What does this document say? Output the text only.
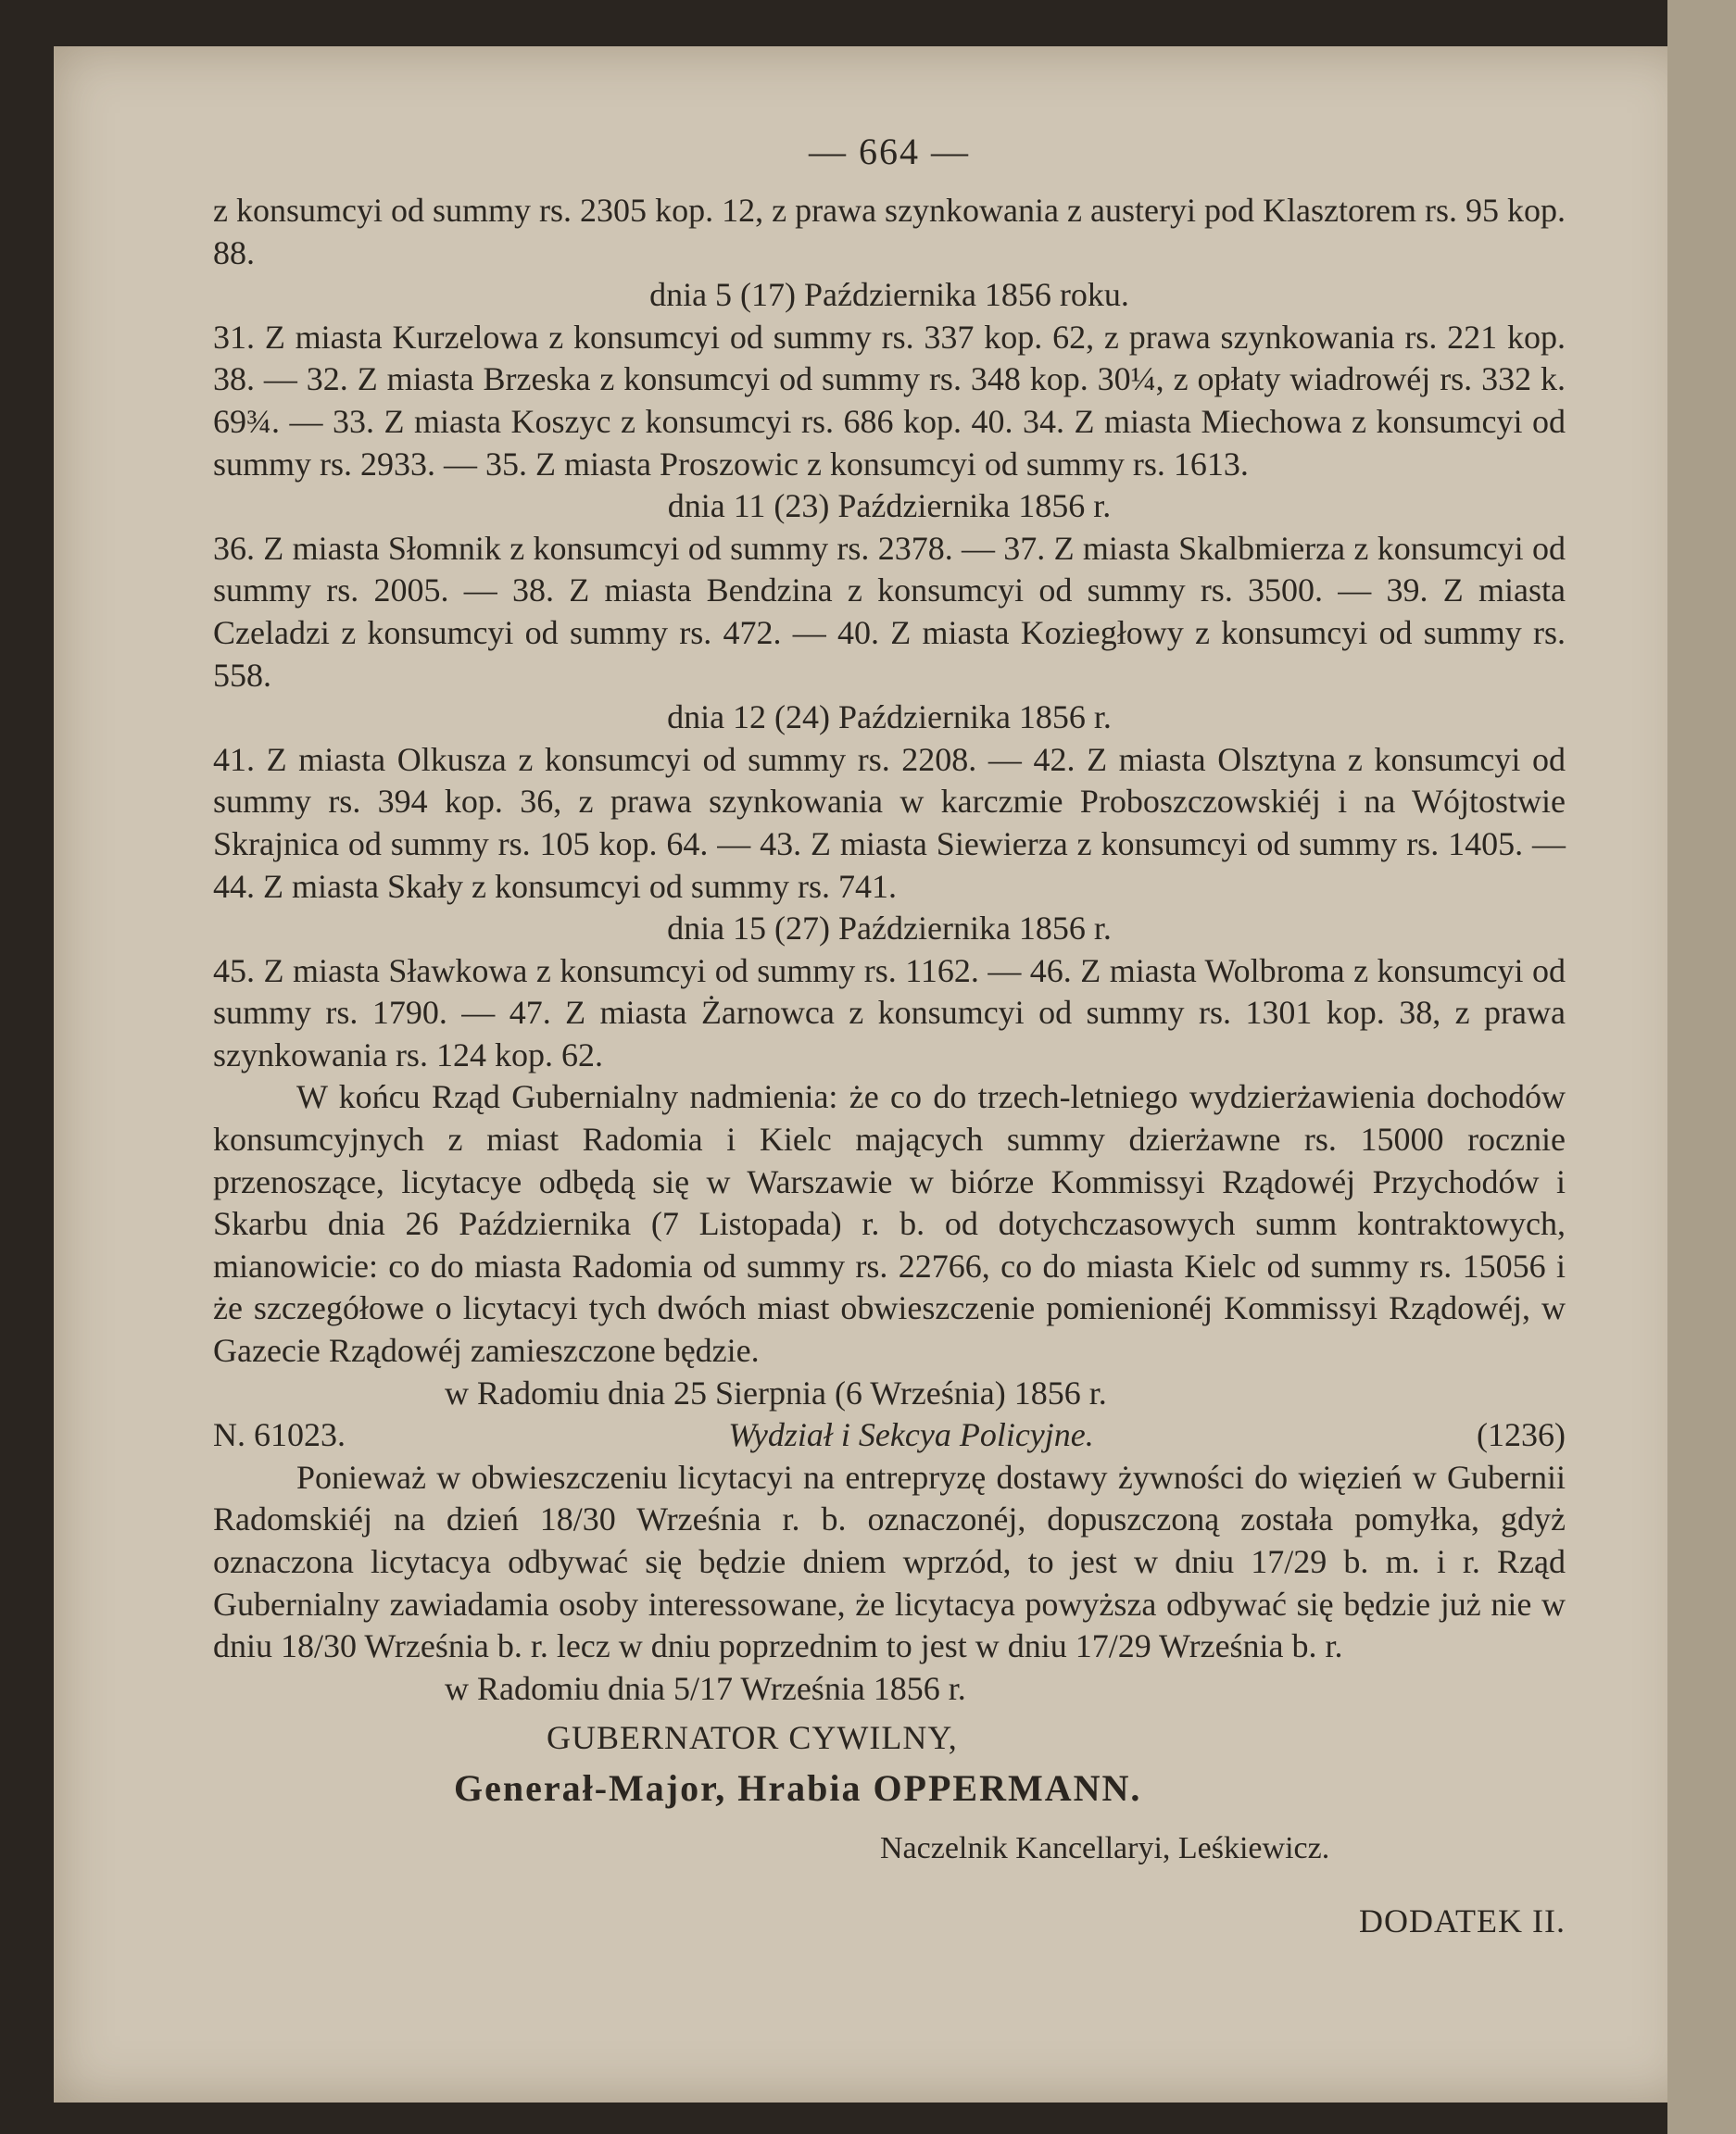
— 664 —

z konsumcyi od summy rs. 2305 kop. 12, z prawa szynkowania z austeryi pod Klasztorem rs. 95 kop. 88.

dnia 5 (17) Października 1856 roku.

31. Z miasta Kurzelowa z konsumcyi od summy rs. 337 kop. 62, z prawa szynkowania rs. 221 kop. 38. — 32. Z miasta Brzeska z konsumcyi od summy rs. 348 kop. 30¼, z opłaty wiadrowéj rs. 332 k. 69¾. — 33. Z miasta Koszyc z konsumcyi rs. 686 kop. 40. 34. Z miasta Miechowa z konsumcyi od summy rs. 2933. — 35. Z miasta Proszowic z konsumcyi od summy rs. 1613.

dnia 11 (23) Października 1856 r.

36. Z miasta Słomnik z konsumcyi od summy rs. 2378. — 37. Z miasta Skalbmierza z konsumcyi od summy rs. 2005. — 38. Z miasta Bendzina z konsumcyi od summy rs. 3500. — 39. Z miasta Czeladzi z konsumcyi od summy rs. 472. — 40. Z miasta Koziegłowy z konsumcyi od summy rs. 558.

dnia 12 (24) Października 1856 r.

41. Z miasta Olkusza z konsumcyi od summy rs. 2208. — 42. Z miasta Olsztyna z konsumcyi od summy rs. 394 kop. 36, z prawa szynkowania w karczmie Proboszczowskiéj i na Wójtostwie Skrajnica od summy rs. 105 kop. 64. — 43. Z miasta Siewierza z konsumcyi od summy rs. 1405. — 44. Z miasta Skały z konsumcyi od summy rs. 741.

dnia 15 (27) Października 1856 r.

45. Z miasta Sławkowa z konsumcyi od summy rs. 1162. — 46. Z miasta Wolbroma z konsumcyi od summy rs. 1790. — 47. Z miasta Żarnowca z konsumcyi od summy rs. 1301 kop. 38, z prawa szynkowania rs. 124 kop. 62.

W końcu Rząd Gubernialny nadmienia: że co do trzech-letniego wydzierżawienia dochodów konsumcyjnych z miast Radomia i Kielc mających summy dzierżawne rs. 15000 rocznie przenoszące, licytacye odbędą się w Warszawie w biórze Kommissyi Rządowéj Przychodów i Skarbu dnia 26 Października (7 Listopada) r. b. od dotychczasowych summ kontraktowych, mianowicie: co do miasta Radomia od summy rs. 22766, co do miasta Kielc od summy rs. 15056 i że szczegółowe o licytacyi tych dwóch miast obwieszczenie pomienionéj Kommissyi Rządowéj, w Gazecie Rządowéj zamieszczone będzie.

w Radomiu dnia 25 Sierpnia (6 Września) 1856 r.

N. 61023.	Wydział i Sekcya Policyjne.	(1236)

Ponieważ w obwieszczeniu licytacyi na entrepryzę dostawy żywności do więzień w Gubernii Radomskiéj na dzień 18/30 Września r. b. oznaczonéj, dopuszczoną została pomyłka, gdyż oznaczona licytacya odbywać się będzie dniem wprzód, to jest w dniu 17/29 b. m. i r. Rząd Gubernialny zawiadamia osoby interessowane, że licytacya powyższa odbywać się będzie już nie w dniu 18/30 Września b. r. lecz w dniu poprzednim to jest w dniu 17/29 Września b. r.

w Radomiu dnia 5/17 Września 1856 r.

GUBERNATOR CYWILNY,

Generał-Major, Hrabia OPPERMANN.

Naczelnik Kancellaryi, Leśkiewicz.

DODATEK II.
